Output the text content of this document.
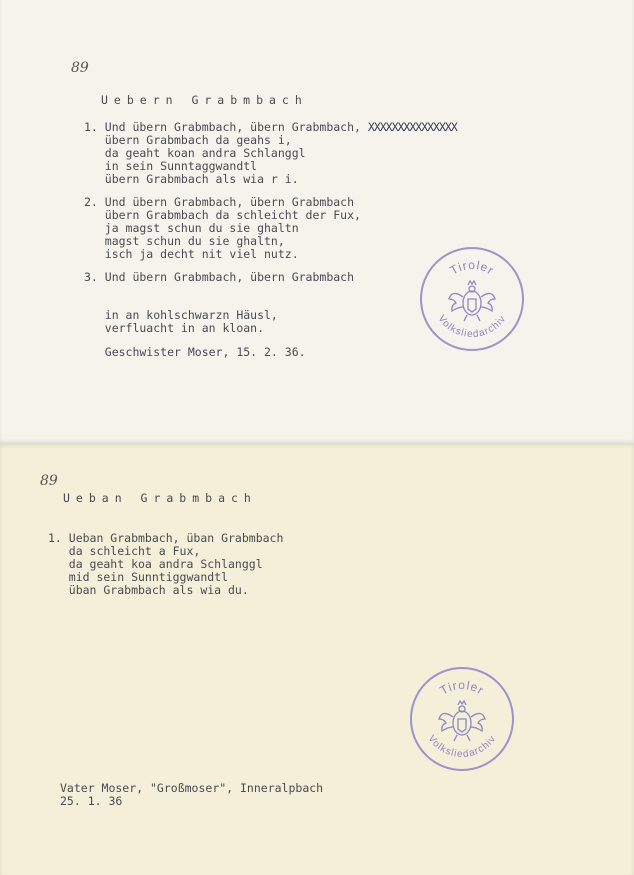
89
Uebern Grabmbach
1. Und übern Grabmbach, übern Grabmbach, XXXXXXXXXXXXXXX
übern Grabmbach da geahs i,
da geaht koan andra Schlanggl
in sein Sunntaggwandtl
übern Grabmbach als wia r i.
2. Und übern Grabmbach, übern Grabmbach
übern Grabmbach da schleicht der Fux,
ja magst schun du sie ghaltn
magst schun du sie ghaltn,
isch ja decht nit viel nutz.
3. Und übern Grabmbach, übern Grabmbach
in an kohlschwarzn Häusl,
verfluacht in an kloan.
Geschwister Moser, 15. 2. 36.
Tiroler
Volksliedarchiv
89
Ueban Grabmbach
1. Ueban Grabmbach, üban Grabmbach
da schleicht a Fux,
da geaht koa andra Schlanggl
mid sein Sunntiggwandtl
üban Grabmbach als wia du.
Tiroler
Volksliedarchiv
Vater Moser, "Großmoser", Inneralpbach
25. 1. 36
